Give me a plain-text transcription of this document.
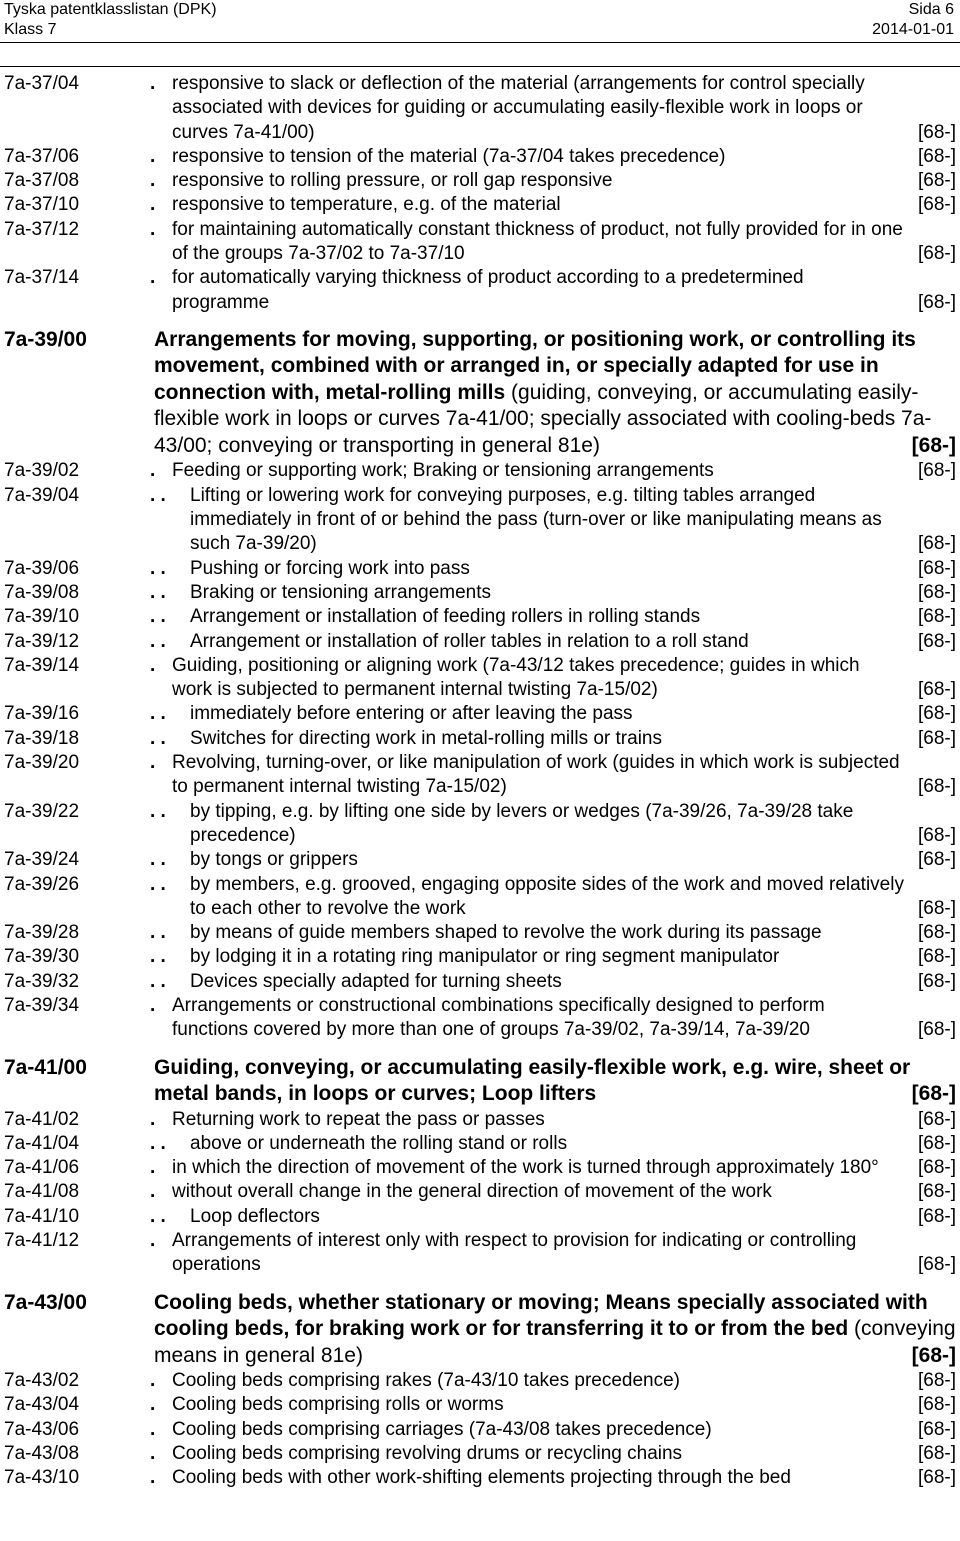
Tyska patentklasslistan (DPK)
Klass 7
Sida 6
2014-01-01
7a-37/04	. responsive to slack or deflection of the material (arrangements for control specially associated with devices for guiding or accumulating easily-flexible work in loops or curves 7a-41/00)	[68-]
7a-37/06	. responsive to tension of the material (7a-37/04 takes precedence)	[68-]
7a-37/08	. responsive to rolling pressure, or roll gap responsive	[68-]
7a-37/10	. responsive to temperature, e.g. of the material	[68-]
7a-37/12	. for maintaining automatically constant thickness of product, not fully provided for in one of the groups 7a-37/02 to 7a-37/10	[68-]
7a-37/14	. for automatically varying thickness of product according to a predetermined programme	[68-]
7a-39/00	Arrangements for moving, supporting, or positioning work, or controlling its movement, combined with or arranged in, or specially adapted for use in connection with, metal-rolling mills (guiding, conveying, or accumulating easily-flexible work in loops or curves 7a-41/00; specially associated with cooling-beds 7a-43/00; conveying or transporting in general 81e)	[68-]
7a-39/02	. Feeding or supporting work; Braking or tensioning arrangements	[68-]
7a-39/04	. . Lifting or lowering work for conveying purposes, e.g. tilting tables arranged immediately in front of or behind the pass (turn-over or like manipulating means as such 7a-39/20)	[68-]
7a-39/06	. . Pushing or forcing work into pass	[68-]
7a-39/08	. . Braking or tensioning arrangements	[68-]
7a-39/10	. . Arrangement or installation of feeding rollers in rolling stands	[68-]
7a-39/12	. . Arrangement or installation of roller tables in relation to a roll stand	[68-]
7a-39/14	. Guiding, positioning or aligning work (7a-43/12 takes precedence; guides in which work is subjected to permanent internal twisting 7a-15/02)	[68-]
7a-39/16	. . immediately before entering or after leaving the pass	[68-]
7a-39/18	. . Switches for directing work in metal-rolling mills or trains	[68-]
7a-39/20	. Revolving, turning-over, or like manipulation of work (guides in which work is subjected to permanent internal twisting 7a-15/02)	[68-]
7a-39/22	. . by tipping, e.g. by lifting one side by levers or wedges (7a-39/26, 7a-39/28 take precedence)	[68-]
7a-39/24	. . by tongs or grippers	[68-]
7a-39/26	. . by members, e.g. grooved, engaging opposite sides of the work and moved relatively to each other to revolve the work	[68-]
7a-39/28	. . by means of guide members shaped to revolve the work during its passage	[68-]
7a-39/30	. . by lodging it in a rotating ring manipulator or ring segment manipulator	[68-]
7a-39/32	. . Devices specially adapted for turning sheets	[68-]
7a-39/34	. Arrangements or constructional combinations specifically designed to perform functions covered by more than one of groups 7a-39/02, 7a-39/14, 7a-39/20	[68-]
7a-41/00	Guiding, conveying, or accumulating easily-flexible work, e.g. wire, sheet or metal bands, in loops or curves; Loop lifters	[68-]
7a-41/02	. Returning work to repeat the pass or passes	[68-]
7a-41/04	. . above or underneath the rolling stand or rolls	[68-]
7a-41/06	. in which the direction of movement of the work is turned through approximately 180° [68-]
7a-41/08	. without overall change in the general direction of movement of the work	[68-]
7a-41/10	. . Loop deflectors	[68-]
7a-41/12	. Arrangements of interest only with respect to provision for indicating or controlling operations	[68-]
7a-43/00	Cooling beds, whether stationary or moving; Means specially associated with cooling beds, for braking work or for transferring it to or from the bed (conveying means in general 81e)	[68-]
7a-43/02	. Cooling beds comprising rakes (7a-43/10 takes precedence)	[68-]
7a-43/04	. Cooling beds comprising rolls or worms	[68-]
7a-43/06	. Cooling beds comprising carriages (7a-43/08 takes precedence)	[68-]
7a-43/08	. Cooling beds comprising revolving drums or recycling chains	[68-]
7a-43/10	. Cooling beds with other work-shifting elements projecting through the bed	[68-]
